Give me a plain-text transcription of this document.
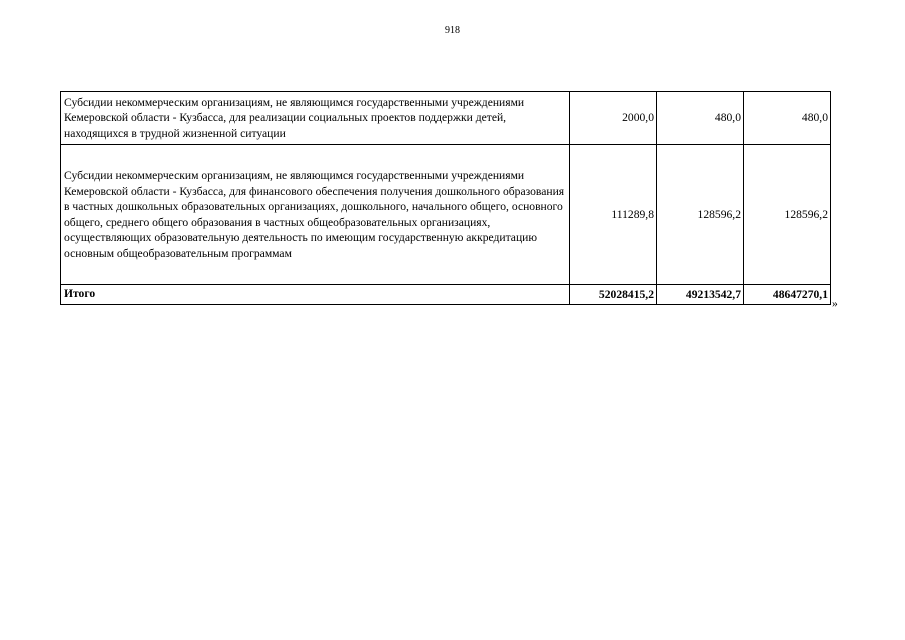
918
Субсидии некоммерческим организациям, не являющимся государственными учреждениями Кемеровской области - Кузбасса, для реализации социальных проектов поддержки детей, находящихся в трудной жизненной ситуации	2000,0	480,0	480,0
Субсидии некоммерческим организациям, не являющимся государственными учреждениями Кемеровской области - Кузбасса, для финансового обеспечения получения дошкольного образования в частных дошкольных образовательных организациях, дошкольного, начального общего, основного общего, среднего общего образования в частных общеобразовательных организациях, осуществляющих образовательную деятельность по имеющим государственную аккредитацию основным общеобразовательным программам	111289,8	128596,2	128596,2
Итого	52028415,2	49213542,7	48647270,1
»
